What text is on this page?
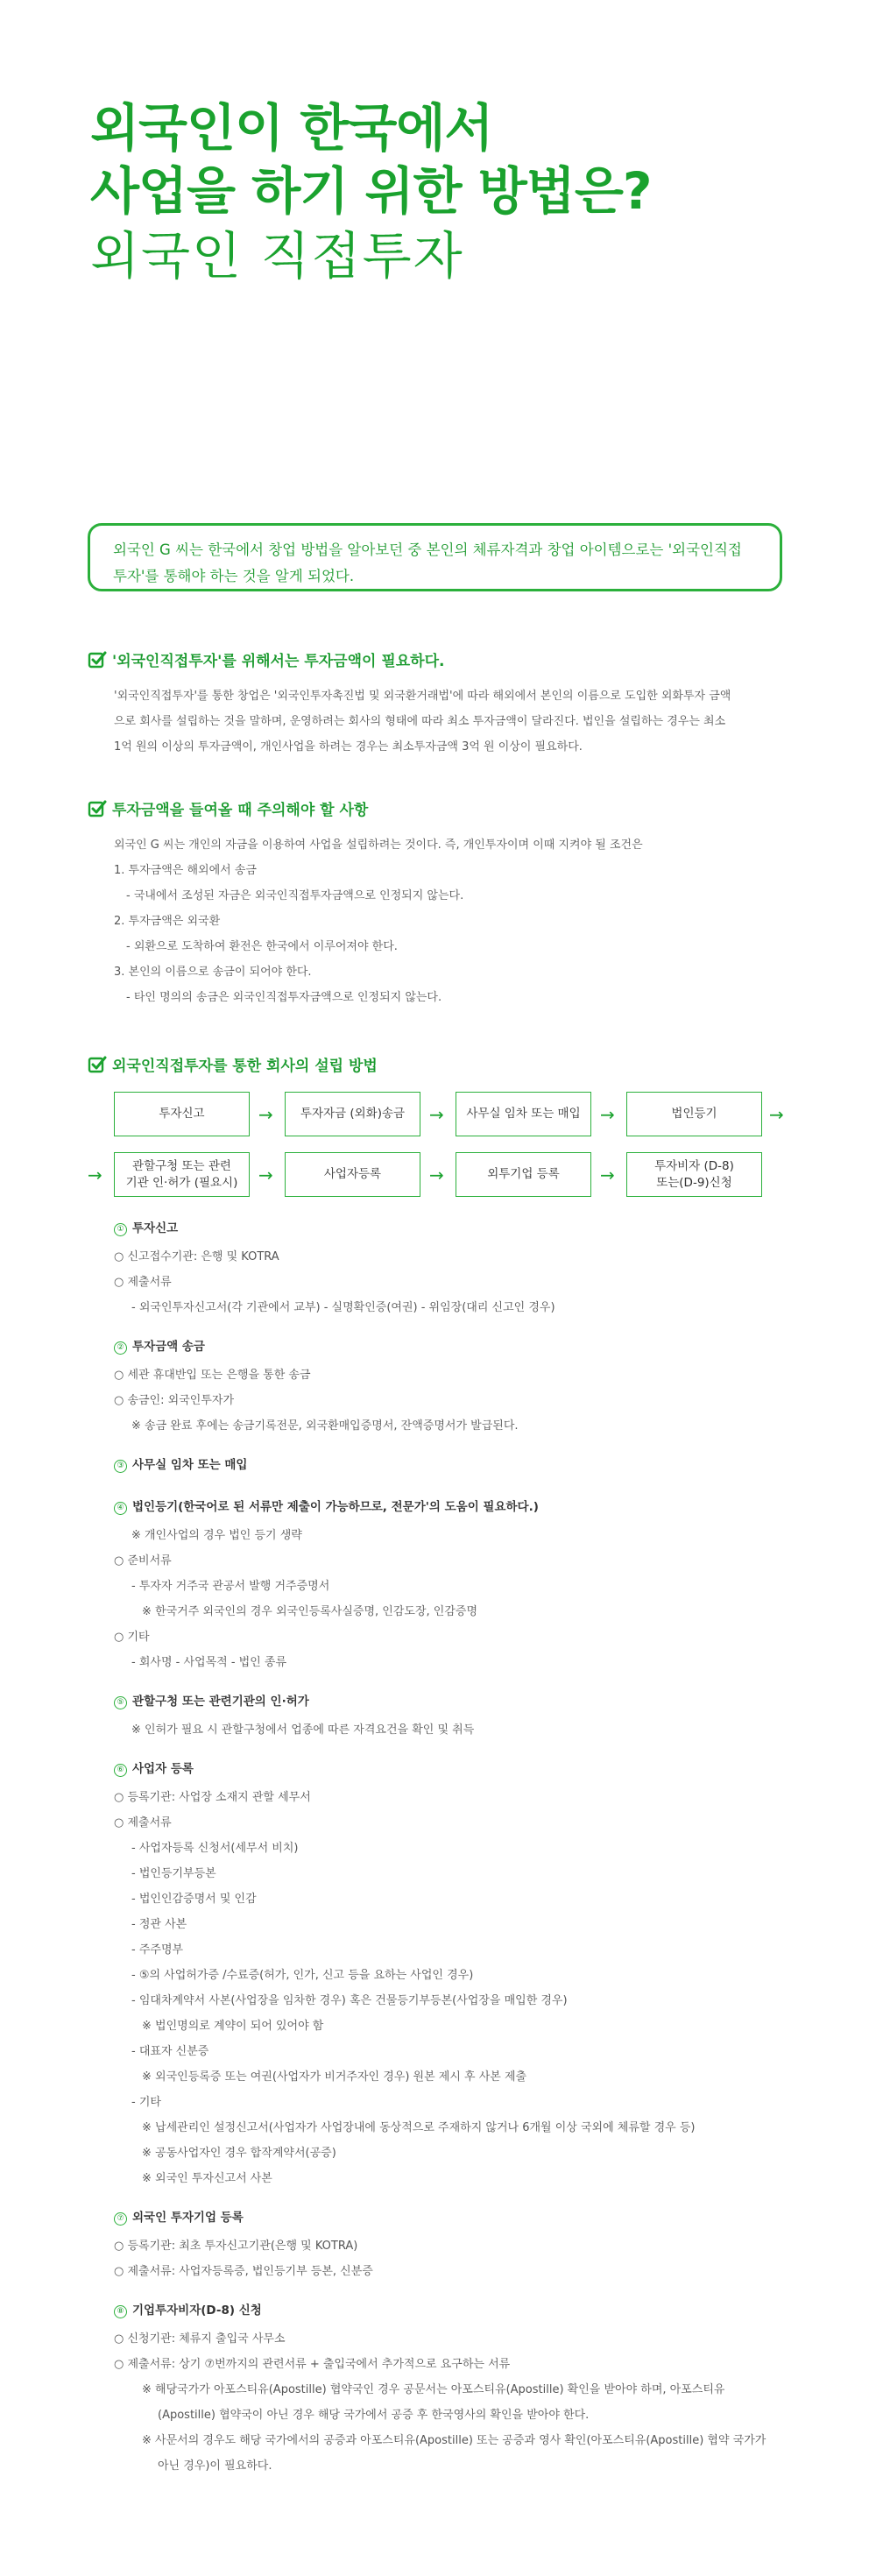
외국인이 한국에서
사업을 하기 위한 방법은?
외국인 직접투자
외국인 G 씨는 한국에서 창업 방법을 알아보던 중 본인의 체류자격과 창업 아이템으로는 '외국인직접
투자'를 통해야 하는 것을 알게 되었다.
'외국인직접투자'를 위해서는 투자금액이 필요하다.
'외국인직접투자'를 통한 창업은 '외국인투자촉진법 및 외국환거래법'에 따라 해외에서 본인의 이름으로 도입한 외화투자 금액
으로 회사를 설립하는 것을 말하며, 운영하려는 회사의 형태에 따라 최소 투자금액이 달라진다. 법인을 설립하는 경우는 최소
1억 원의 이상의 투자금액이, 개인사업을 하려는 경우는 최소투자금액 3억 원 이상이 필요하다.
투자금액을 들여올 때 주의해야 할 사항
외국인 G 씨는 개인의 자금을 이용하여 사업을 설립하려는 것이다. 즉, 개인투자이며 이때 지켜야 될 조건은
1. 투자금액은 해외에서 송금
- 국내에서 조성된 자금은 외국인직접투자금액으로 인정되지 않는다.
2. 투자금액은 외국환
- 외환으로 도착하여 환전은 한국에서 이루어져야 한다.
3. 본인의 이름으로 송금이 되어야 한다.
- 타인 명의의 송금은 외국인직접투자금액으로 인정되지 않는다.
외국인직접투자를 통한 회사의 설립 방법
투자신고	→	투자자금 (외화)송금	→	사무실 임차 또는 매입	→	법인등기	→
→	관할구청 또는 관련
기관 인·허가 (필요시)	→	사업자등록	→	외투기업 등록	→	투자비자 (D-8)
또는(D-9)신청
① 투자신고
○ 신고접수기관: 은행 및 KOTRA
○ 제출서류
- 외국인투자신고서(각 기관에서 교부) - 실명확인증(여권) - 위임장(대리 신고인 경우)
② 투자금액 송금
○ 세관 휴대반입 또는 은행을 통한 송금
○ 송금인: 외국인투자가
※ 송금 완료 후에는 송금기록전문, 외국환매입증명서, 잔액증명서가 발급된다.
③ 사무실 임차 또는 매입
④ 법인등기(한국어로 된 서류만 제출이 가능하므로, 전문가'의 도움이 필요하다.)
※ 개인사업의 경우 법인 등기 생략
○ 준비서류
- 투자자 거주국 관공서 발행 거주증명서
※ 한국거주 외국인의 경우 외국인등록사실증명, 인감도장, 인감증명
○ 기타
- 회사명 - 사업목적 - 법인 종류
⑤ 관할구청 또는 관련기관의 인·허가
※ 인허가 필요 시 관할구청에서 업종에 따른 자격요건을 확인 및 취득
⑥ 사업자 등록
○ 등록기관: 사업장 소재지 관할 세무서
○ 제출서류
- 사업자등록 신청서(세무서 비치)
- 법인등기부등본
- 법인인감증명서 및 인감
- 정관 사본
- 주주명부
- ⑤의 사업허가증 /수료증(허가, 인가, 신고 등을 요하는 사업인 경우)
- 임대차계약서 사본(사업장을 임차한 경우) 혹은 건물등기부등본(사업장을 매입한 경우)
※ 법인명의로 계약이 되어 있어야 함
- 대표자 신분증
※ 외국인등록증 또는 여권(사업자가 비거주자인 경우) 원본 제시 후 사본 제출
- 기타
※ 납세관리인 설정신고서(사업자가 사업장내에 동상적으로 주재하지 않거나 6개월 이상 국외에 체류할 경우 등)
※ 공동사업자인 경우 합작계약서(공증)
※ 외국인 투자신고서 사본
⑦ 외국인 투자기업 등록
○ 등록기관: 최초 투자신고기관(은행 및 KOTRA)
○ 제출서류: 사업자등록증, 법인등기부 등본, 신분증
⑧ 기업투자비자(D-8) 신청
○ 신청기관: 체류지 출입국 사무소
○ 제출서류: 상기 ⑦번까지의 관련서류 + 출입국에서 추가적으로 요구하는 서류
※ 해당국가가 아포스티유(Apostille) 협약국인 경우 공문서는 아포스티유(Apostille) 확인을 받아야 하며, 아포스티유
(Apostille) 협약국이 아닌 경우 해당 국가에서 공증 후 한국영사의 확인을 받아야 한다.
※ 사문서의 경우도 해당 국가에서의 공증과 아포스티유(Apostille) 또는 공증과 영사 확인(아포스티유(Apostille) 협약 국가가
아닌 경우)이 필요하다.
